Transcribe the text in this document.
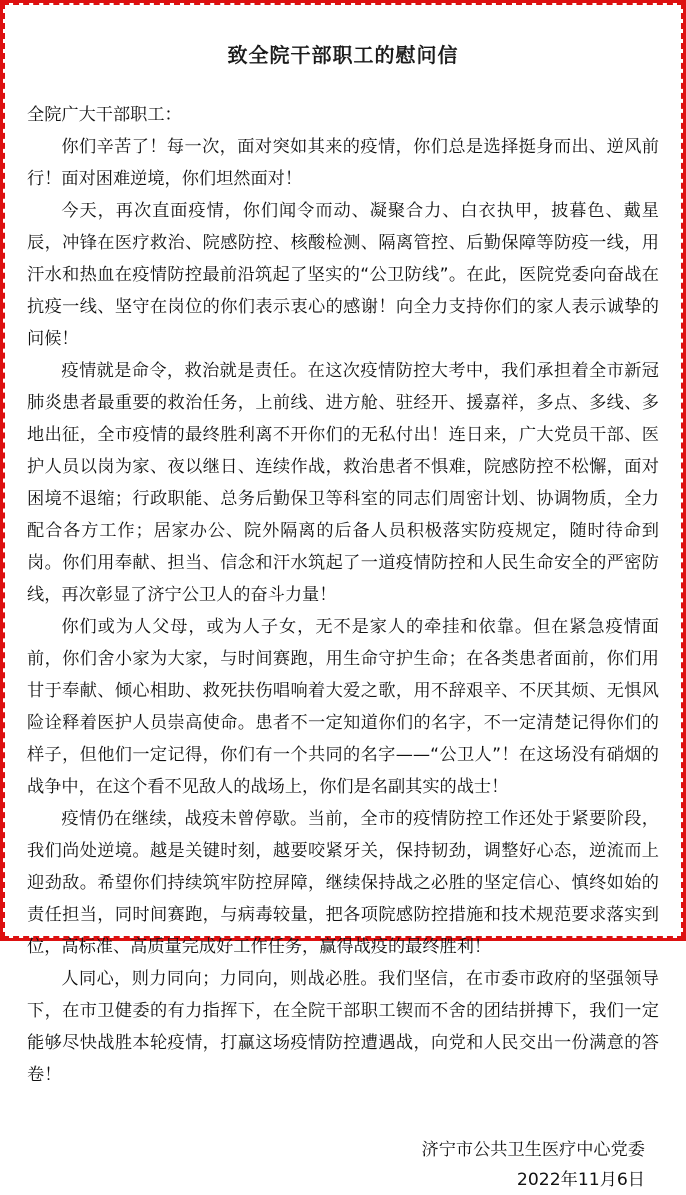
致全院干部职工的慰问信

全院广大干部职工：

你们辛苦了！每一次，面对突如其来的疫情，你们总是选择挺身而出、逆风前行！面对困难逆境，你们坦然面对！

今天，再次直面疫情，你们闻令而动、凝聚合力、白衣执甲，披暮色、戴星辰，冲锋在医疗救治、院感防控、核酸检测、隔离管控、后勤保障等防疫一线，用汗水和热血在疫情防控最前沿筑起了坚实的“公卫防线”。在此，医院党委向奋战在抗疫一线、坚守在岗位的你们表示衷心的感谢！向全力支持你们的家人表示诚挚的问候！

疫情就是命令，救治就是责任。在这次疫情防控大考中，我们承担着全市新冠肺炎患者最重要的救治任务，上前线、进方舱、驻经开、援嘉祥，多点、多线、多地出征，全市疫情的最终胜利离不开你们的无私付出！连日来，广大党员干部、医护人员以岗为家、夜以继日、连续作战，救治患者不惧难，院感防控不松懈，面对困境不退缩；行政职能、总务后勤保卫等科室的同志们周密计划、协调物质，全力配合各方工作；居家办公、院外隔离的后备人员积极落实防疫规定，随时待命到岗。你们用奉献、担当、信念和汗水筑起了一道疫情防控和人民生命安全的严密防线，再次彰显了济宁公卫人的奋斗力量！

你们或为人父母，或为人子女，无不是家人的牵挂和依靠。但在紧急疫情面前，你们舍小家为大家，与时间赛跑，用生命守护生命；在各类患者面前，你们用甘于奉献、倾心相助、救死扶伤唱响着大爱之歌，用不辞艰辛、不厌其烦、无惧风险诠释着医护人员崇高使命。患者不一定知道你们的名字，不一定清楚记得你们的样子，但他们一定记得，你们有一个共同的名字——“公卫人”！在这场没有硝烟的战争中，在这个看不见敌人的战场上，你们是名副其实的战士！

疫情仍在继续，战疫未曾停歇。当前，全市的疫情防控工作还处于紧要阶段，我们尚处逆境。越是关键时刻，越要咬紧牙关，保持韧劲，调整好心态，逆流而上迎劲敌。希望你们持续筑牢防控屏障，继续保持战之必胜的坚定信心、慎终如始的责任担当，同时间赛跑，与病毒较量，把各项院感防控措施和技术规范要求落实到位，高标准、高质量完成好工作任务，赢得战疫的最终胜利！

人同心，则力同向；力同向，则战必胜。我们坚信，在市委市政府的坚强领导下，在市卫健委的有力指挥下，在全院干部职工锲而不舍的团结拼搏下，我们一定能够尽快战胜本轮疫情，打赢这场疫情防控遭遇战，向党和人民交出一份满意的答卷！

济宁市公共卫生医疗中心党委

2022年11月6日
